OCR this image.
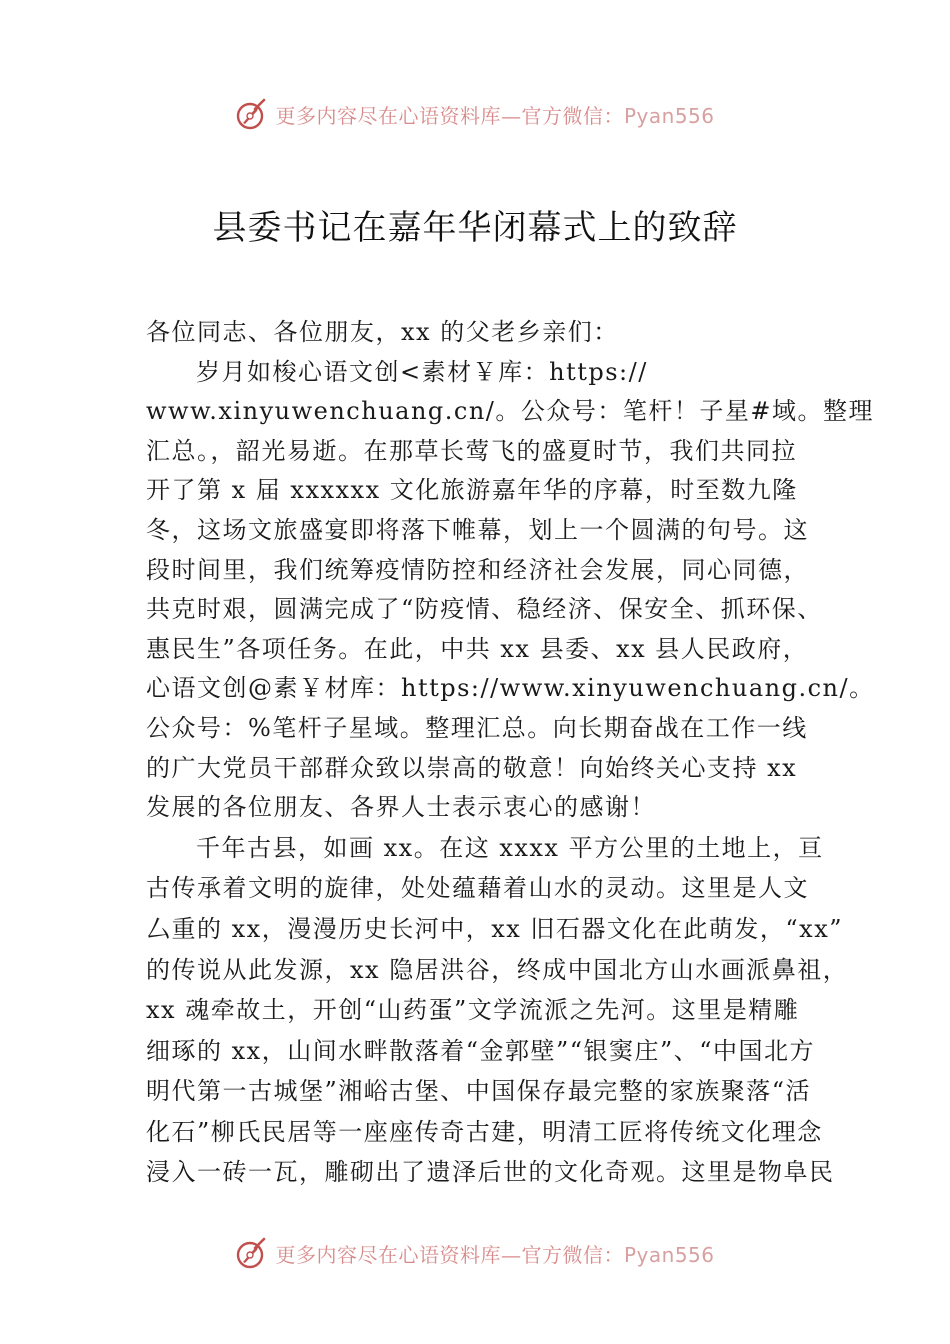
更多内容尽在心语资料库—官方微信：Pyan556
县委书记在嘉年华闭幕式上的致辞
各位同志、各位朋友，xx 的父老乡亲们：
岁月如梭心语文创<素材￥库：https://
www.xinyuwenchuang.cn/。公众号：笔杆！子星#域。整理
汇总。，韶光易逝。在那草长莺飞的盛夏时节，我们共同拉
开了第 x 届 xxxxxx 文化旅游嘉年华的序幕，时至数九隆
冬，这场文旅盛宴即将落下帷幕，划上一个圆满的句号。这
段时间里，我们统筹疫情防控和经济社会发展，同心同德，
共克时艰，圆满完成了“防疫情、稳经济、保安全、抓环保、
惠民生”各项任务。在此，中共 xx 县委、xx 县人民政府，
心语文创@素￥材库：https://www.xinyuwenchuang.cn/。
公众号：%笔杆子星域。整理汇总。向长期奋战在工作一线
的广大党员干部群众致以崇高的敬意！向始终关心支持 xx
发展的各位朋友、各界人士表示衷心的感谢！
千年古县，如画 xx。在这 xxxx 平方公里的土地上，亘
古传承着文明的旋律，处处蕴藉着山水的灵动。这里是人文
厶重的 xx，漫漫历史长河中，xx 旧石器文化在此萌发，“xx”
的传说从此发源，xx 隐居洪谷，终成中国北方山水画派鼻祖，
xx 魂牵故土，开创“山药蛋”文学流派之先河。这里是精雕
细琢的 xx，山间水畔散落着“金郭壁”“银窦庄”、“中国北方
明代第一古城堡”湘峪古堡、中国保存最完整的家族聚落“活
化石”柳氏民居等一座座传奇古建，明清工匠将传统文化理念
浸入一砖一瓦，雕砌出了遗泽后世的文化奇观。这里是物阜民
更多内容尽在心语资料库—官方微信：Pyan556
